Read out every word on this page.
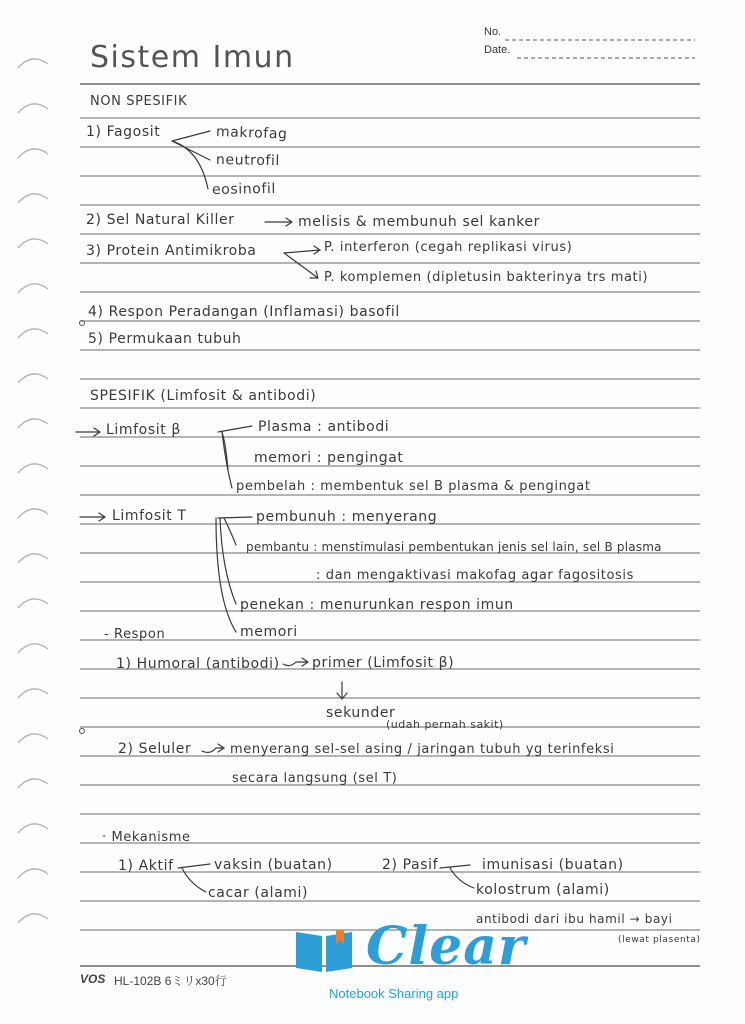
Sistem Imun
No.
Date.
NON SPESIFIK
1) Fagosit	makrofag
neutrofil
eosinofil
2) Sel Natural Killer	melisis & membunuh sel kanker
3) Protein Antimikroba	P. interferon (cegah replikasi virus)
P. komplemen (dipletusin bakterinya trs mati)
4) Respon Peradangan (Inflamasi) basofil
5) Permukaan tubuh
SPESIFIK (Limfosit & antibodi)
Limfosit β	Plasma : antibodi
memori : pengingat
pembelah : membentuk sel B plasma & pengingat
Limfosit T	pembunuh : menyerang
pembantu : menstimulasi pembentukan jenis sel lain, sel B plasma
: dan mengaktivasi makofag agar fagositosis
penekan : menurunkan respon imun
memori
- Respon
1) Humoral (antibodi) primer (Limfosit β)
sekunder
(udah pernah sakit)
2) Seluler	menyerang sel-sel asing / jaringan tubuh yg terinfeksi
secara langsung (sel T)
· Mekanisme
1) Aktif	vaksin (buatan)
cacar (alami)
2) Pasif	imunisasi (buatan)
kolostrum (alami)
antibodi dari ibu hamil → bayi
(lewat plasenta)
Clear
Notebook Sharing app
VOS HL-102B 6ミリx30行
